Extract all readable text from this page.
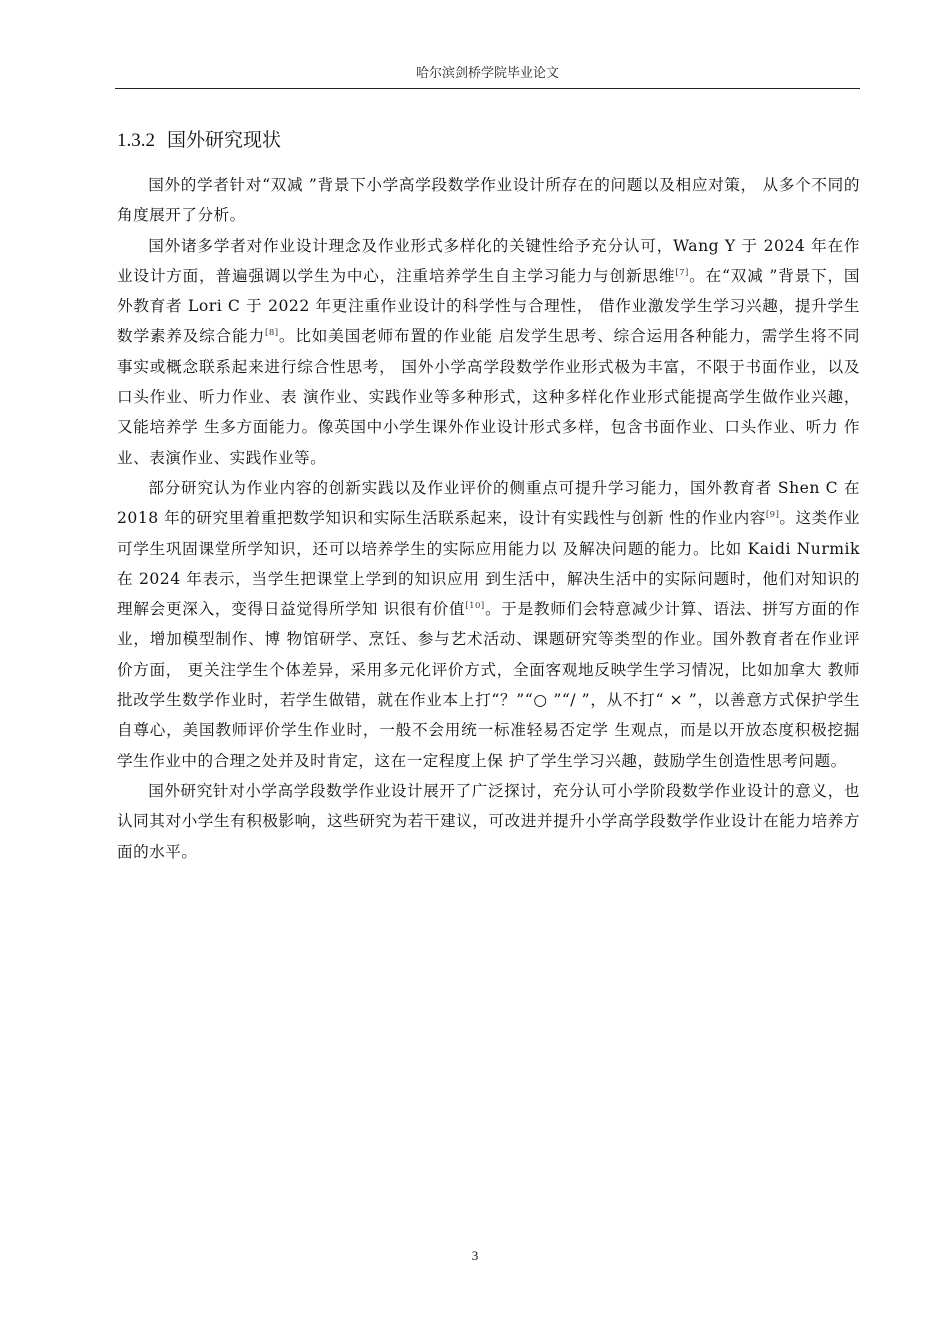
哈尔滨剑桥学院毕业论文
1.3.2 国外研究现状

国外的学者针对“双减 ”背景下小学高学段数学作业设计所存在的问题以及相应对策， 从多个不同的角度展开了分析。

国外诸多学者对作业设计理念及作业形式多样化的关键性给予充分认可，Wang Y 于 2024 年在作业设计方面，普遍强调以学生为中心，注重培养学生自主学习能力与创新思维[7]。在“双减 ”背景下，国外教育者 Lori C 于 2022 年更注重作业设计的科学性与合理性， 借作业激发学生学习兴趣，提升学生数学素养及综合能力[8]。比如美国老师布置的作业能 启发学生思考、综合运用各种能力，需学生将不同事实或概念联系起来进行综合性思考， 国外小学高学段数学作业形式极为丰富，不限于书面作业，以及口头作业、听力作业、表 演作业、实践作业等多种形式，这种多样化作业形式能提高学生做作业兴趣，又能培养学 生多方面能力。像英国中小学生课外作业设计形式多样，包含书面作业、口头作业、听力 作业、表演作业、实践作业等。

部分研究认为作业内容的创新实践以及作业评价的侧重点可提升学习能力，国外教育者 Shen C 在 2018 年的研究里着重把数学知识和实际生活联系起来，设计有实践性与创新 性的作业内容[9]。这类作业可学生巩固课堂所学知识，还可以培养学生的实际应用能力以 及解决问题的能力。比如 Kaidi Nurmik 在 2024 年表示，当学生把课堂上学到的知识应用 到生活中，解决生活中的实际问题时，他们对知识的理解会更深入，变得日益觉得所学知 识很有价值[10]。于是教师们会特意减少计算、语法、拼写方面的作业，增加模型制作、博 物馆研学、烹饪、参与艺术活动、课题研究等类型的作业。国外教育者在作业评价方面， 更关注学生个体差异，采用多元化评价方式，全面客观地反映学生学习情况，比如加拿大 教师批改学生数学作业时，若学生做错，就在作业本上打“？”“○ ”“/ ”，从不打“ × ”，以善意方式保护学生自尊心，美国教师评价学生作业时，一般不会用统一标准轻易否定学 生观点，而是以开放态度积极挖掘学生作业中的合理之处并及时肯定，这在一定程度上保 护了学生学习兴趣，鼓励学生创造性思考问题。

国外研究针对小学高学段数学作业设计展开了广泛探讨，充分认可小学阶段数学作业设计的意义，也认同其对小学生有积极影响，这些研究为若干建议，可改进并提升小学高学段数学作业设计在能力培养方面的水平。

3
